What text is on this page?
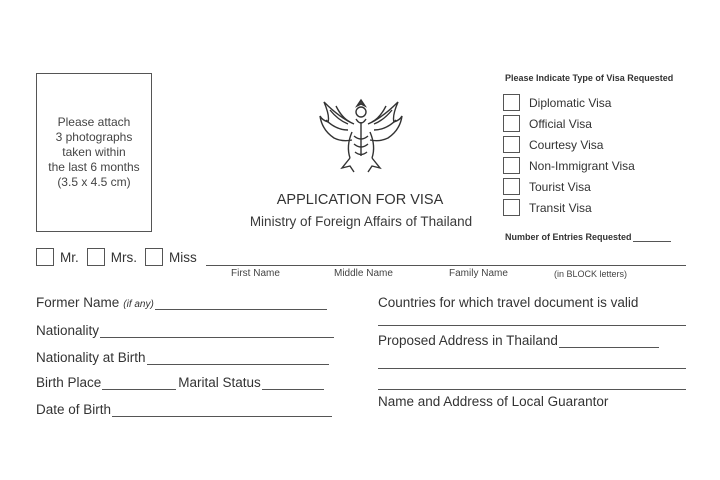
Please attach
3 photographs
taken within
the last 6 months
(3.5 x 4.5 cm)
APPLICATION FOR VISA
Ministry of Foreign Affairs of Thailand
Please Indicate Type of Visa Requested
Diplomatic Visa
Official Visa
Courtesy Visa
Non-Immigrant Visa
Tourist Visa
Transit Visa
Number of Entries Requested
Mr. Mrs. Miss
First Name	Middle Name	Family Name	(in BLOCK letters)
Former Name (if any)
Nationality
Nationality at Birth
Birth Place	Marital Status
Date of Birth
Countries for which travel document is valid
Proposed Address in Thailand
Name and Address of Local Guarantor
